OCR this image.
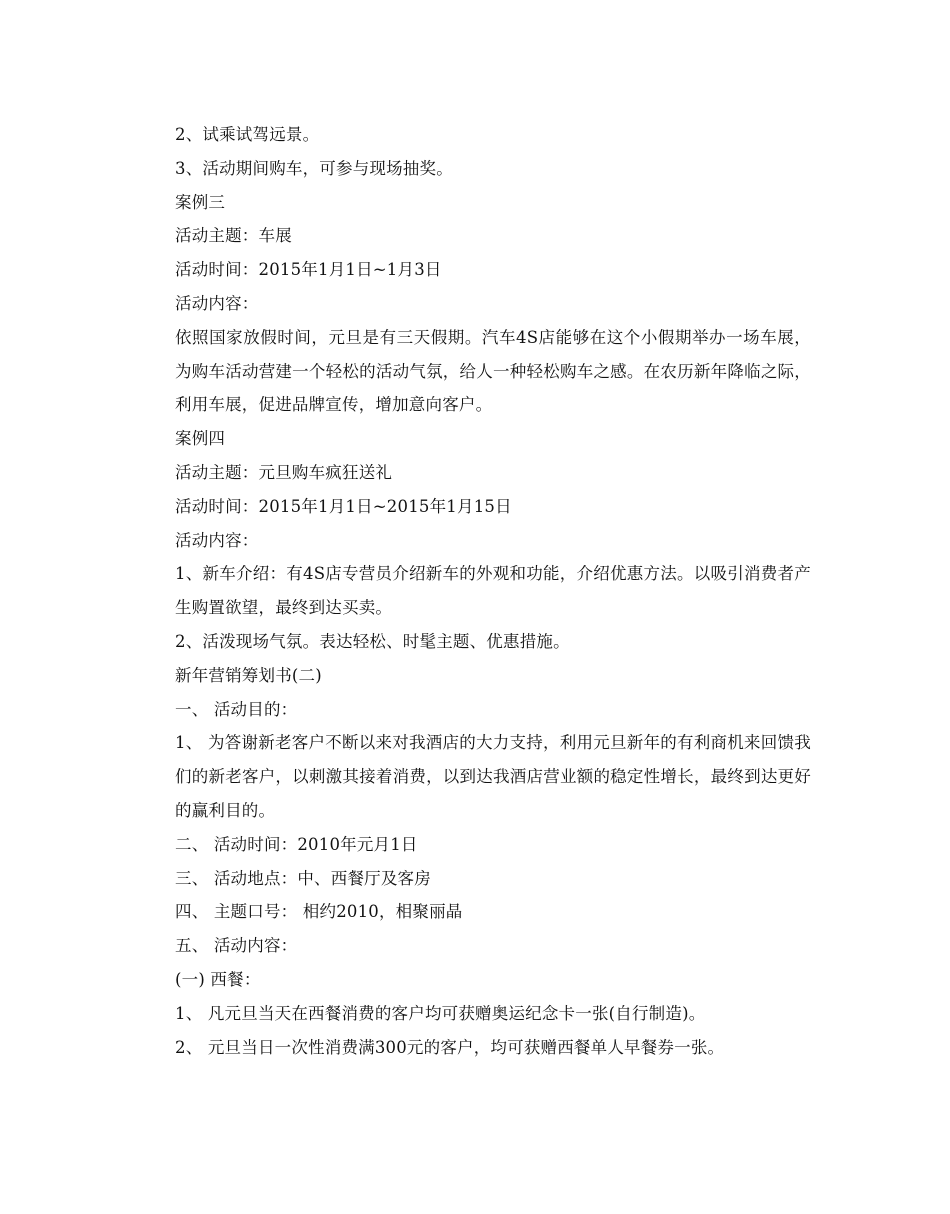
2、试乘试驾远景。

3、活动期间购车，可参与现场抽奖。

案例三

活动主题：车展

活动时间：2015年1月1日~1月3日

活动内容：

依照国家放假时间，元旦是有三天假期。汽车4S店能够在这个小假期举办一场车展，为购车活动营建一个轻松的活动气氛，给人一种轻松购车之感。在农历新年降临之际，利用车展，促进品牌宣传，增加意向客户。

案例四

活动主题：元旦购车疯狂送礼

活动时间：2015年1月1日~2015年1月15日

活动内容：

1、新车介绍：有4S店专营员介绍新车的外观和功能，介绍优惠方法。以吸引消费者产生购置欲望，最终到达买卖。

2、活泼现场气氛。表达轻松、时髦主题、优惠措施。

新年营销筹划书(二)

一、 活动目的：

1、 为答谢新老客户不断以来对我酒店的大力支持，利用元旦新年的有利商机来回馈我们的新老客户，以刺激其接着消费，以到达我酒店营业额的稳定性增长，最终到达更好的赢利目的。

二、 活动时间：2010年元月1日

三、 活动地点：中、西餐厅及客房

四、 主题口号： 相约2010，相聚丽晶

五、 活动内容：

(一) 西餐：

1、 凡元旦当天在西餐消费的客户均可获赠奥运纪念卡一张(自行制造)。

2、 元旦当日一次性消费满300元的客户，均可获赠西餐单人早餐券一张。
